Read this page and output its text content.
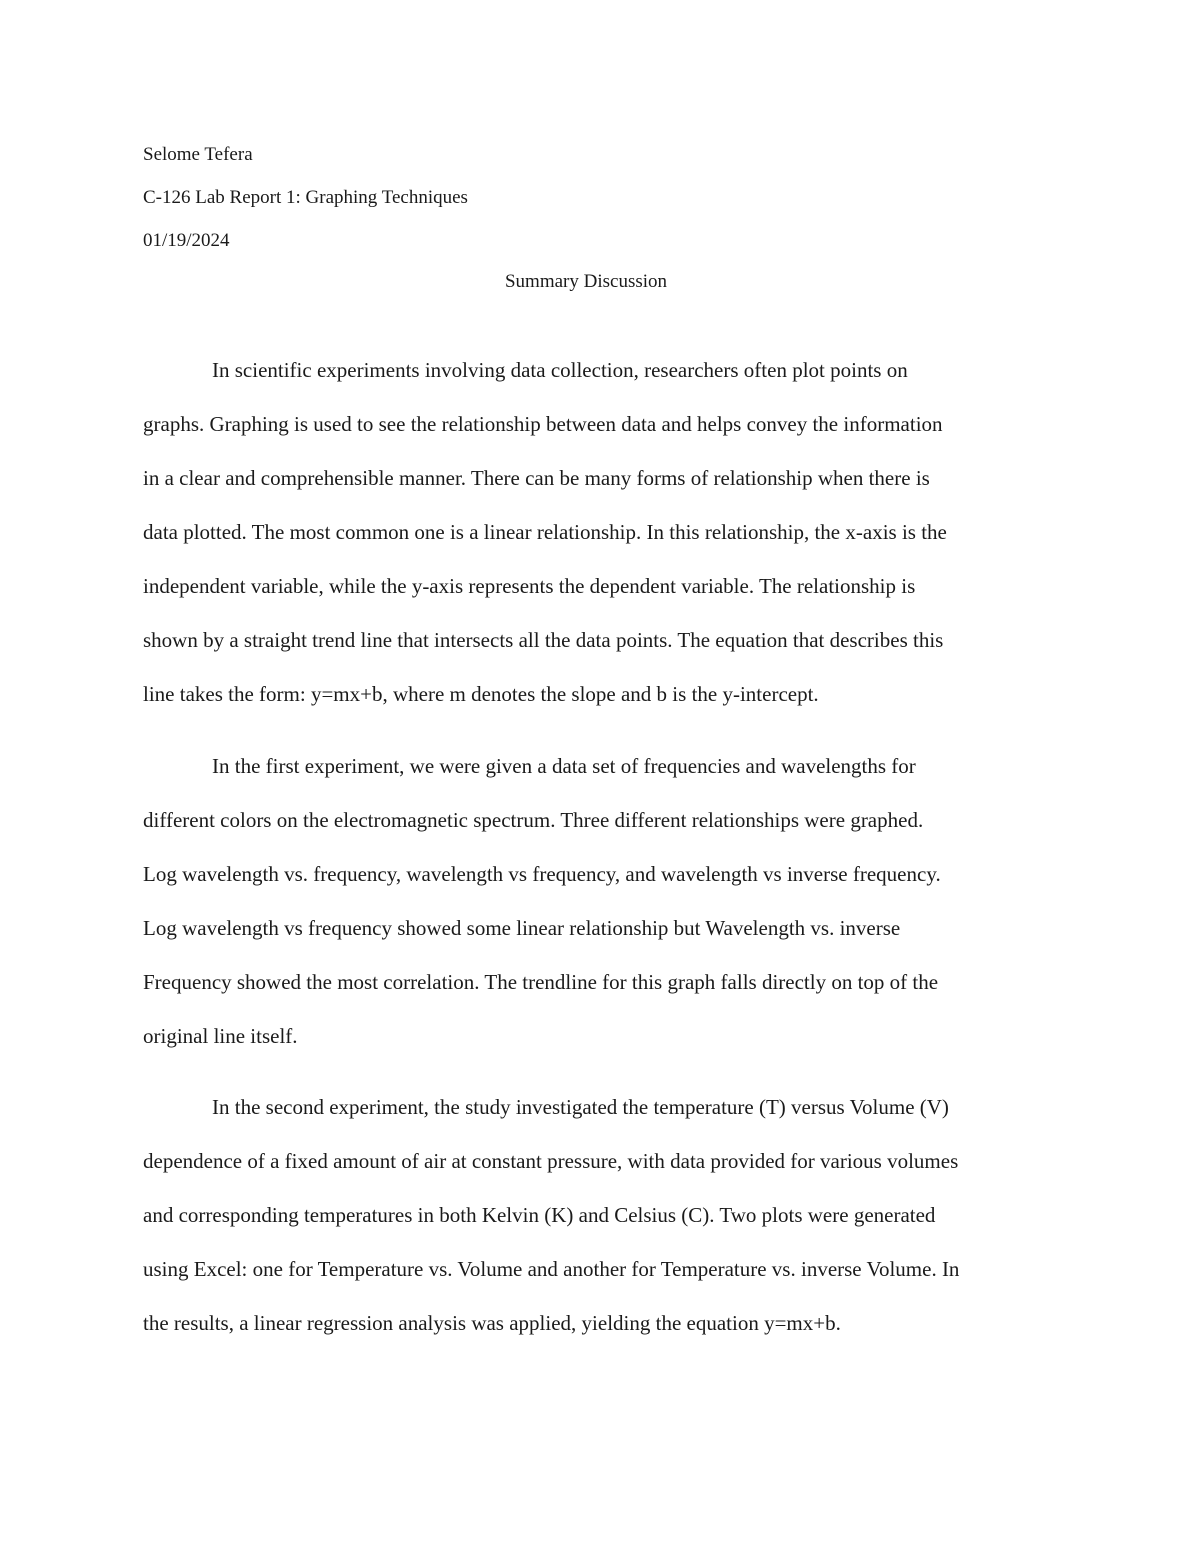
Selome Tefera
C-126 Lab Report 1: Graphing Techniques
01/19/2024
Summary Discussion
In scientific experiments involving data collection, researchers often plot points on
graphs. Graphing is used to see the relationship between data and helps convey the information
in a clear and comprehensible manner. There can be many forms of relationship when there is
data plotted. The most common one is a linear relationship. In this relationship, the x-axis is the
independent variable, while the y-axis represents the dependent variable. The relationship is
shown by a straight trend line that intersects all the data points. The equation that describes this
line takes the form: y=mx+b, where m denotes the slope and b is the y-intercept.
In the first experiment, we were given a data set of frequencies and wavelengths for
different colors on the electromagnetic spectrum. Three different relationships were graphed.
Log wavelength vs. frequency, wavelength vs frequency, and wavelength vs inverse frequency.
Log wavelength vs frequency showed some linear relationship but Wavelength vs. inverse
Frequency showed the most correlation. The trendline for this graph falls directly on top of the
original line itself.
In the second experiment, the study investigated the temperature (T) versus Volume (V)
dependence of a fixed amount of air at constant pressure, with data provided for various volumes
and corresponding temperatures in both Kelvin (K) and Celsius (C). Two plots were generated
using Excel: one for Temperature vs. Volume and another for Temperature vs. inverse Volume. In
the results, a linear regression analysis was applied, yielding the equation y=mx+b.
